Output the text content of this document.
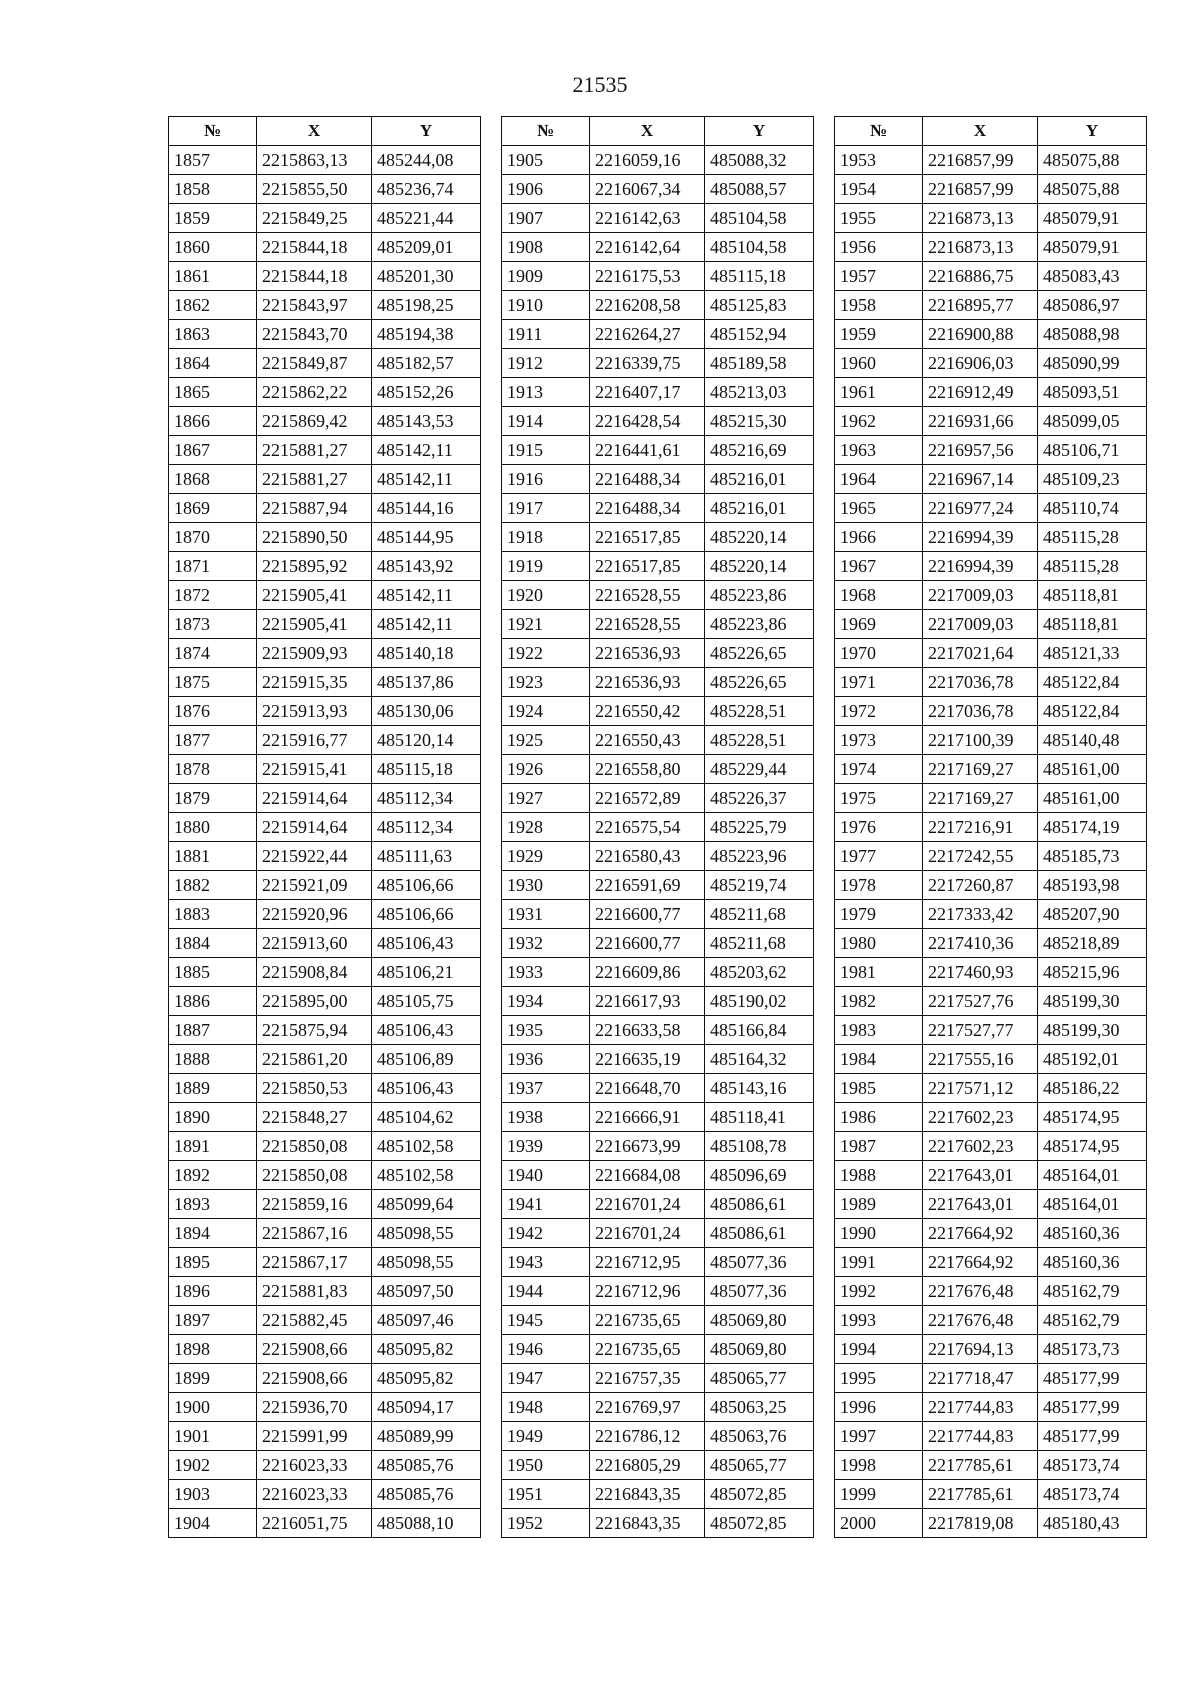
21535
№	X	Y
1857	2215863,13	485244,08
1858	2215855,50	485236,74
1859	2215849,25	485221,44
1860	2215844,18	485209,01
1861	2215844,18	485201,30
1862	2215843,97	485198,25
1863	2215843,70	485194,38
1864	2215849,87	485182,57
1865	2215862,22	485152,26
1866	2215869,42	485143,53
1867	2215881,27	485142,11
1868	2215881,27	485142,11
1869	2215887,94	485144,16
1870	2215890,50	485144,95
1871	2215895,92	485143,92
1872	2215905,41	485142,11
1873	2215905,41	485142,11
1874	2215909,93	485140,18
1875	2215915,35	485137,86
1876	2215913,93	485130,06
1877	2215916,77	485120,14
1878	2215915,41	485115,18
1879	2215914,64	485112,34
1880	2215914,64	485112,34
1881	2215922,44	485111,63
1882	2215921,09	485106,66
1883	2215920,96	485106,66
1884	2215913,60	485106,43
1885	2215908,84	485106,21
1886	2215895,00	485105,75
1887	2215875,94	485106,43
1888	2215861,20	485106,89
1889	2215850,53	485106,43
1890	2215848,27	485104,62
1891	2215850,08	485102,58
1892	2215850,08	485102,58
1893	2215859,16	485099,64
1894	2215867,16	485098,55
1895	2215867,17	485098,55
1896	2215881,83	485097,50
1897	2215882,45	485097,46
1898	2215908,66	485095,82
1899	2215908,66	485095,82
1900	2215936,70	485094,17
1901	2215991,99	485089,99
1902	2216023,33	485085,76
1903	2216023,33	485085,76
1904	2216051,75	485088,10
№	X	Y
1905	2216059,16	485088,32
1906	2216067,34	485088,57
1907	2216142,63	485104,58
1908	2216142,64	485104,58
1909	2216175,53	485115,18
1910	2216208,58	485125,83
1911	2216264,27	485152,94
1912	2216339,75	485189,58
1913	2216407,17	485213,03
1914	2216428,54	485215,30
1915	2216441,61	485216,69
1916	2216488,34	485216,01
1917	2216488,34	485216,01
1918	2216517,85	485220,14
1919	2216517,85	485220,14
1920	2216528,55	485223,86
1921	2216528,55	485223,86
1922	2216536,93	485226,65
1923	2216536,93	485226,65
1924	2216550,42	485228,51
1925	2216550,43	485228,51
1926	2216558,80	485229,44
1927	2216572,89	485226,37
1928	2216575,54	485225,79
1929	2216580,43	485223,96
1930	2216591,69	485219,74
1931	2216600,77	485211,68
1932	2216600,77	485211,68
1933	2216609,86	485203,62
1934	2216617,93	485190,02
1935	2216633,58	485166,84
1936	2216635,19	485164,32
1937	2216648,70	485143,16
1938	2216666,91	485118,41
1939	2216673,99	485108,78
1940	2216684,08	485096,69
1941	2216701,24	485086,61
1942	2216701,24	485086,61
1943	2216712,95	485077,36
1944	2216712,96	485077,36
1945	2216735,65	485069,80
1946	2216735,65	485069,80
1947	2216757,35	485065,77
1948	2216769,97	485063,25
1949	2216786,12	485063,76
1950	2216805,29	485065,77
1951	2216843,35	485072,85
1952	2216843,35	485072,85
№	X	Y
1953	2216857,99	485075,88
1954	2216857,99	485075,88
1955	2216873,13	485079,91
1956	2216873,13	485079,91
1957	2216886,75	485083,43
1958	2216895,77	485086,97
1959	2216900,88	485088,98
1960	2216906,03	485090,99
1961	2216912,49	485093,51
1962	2216931,66	485099,05
1963	2216957,56	485106,71
1964	2216967,14	485109,23
1965	2216977,24	485110,74
1966	2216994,39	485115,28
1967	2216994,39	485115,28
1968	2217009,03	485118,81
1969	2217009,03	485118,81
1970	2217021,64	485121,33
1971	2217036,78	485122,84
1972	2217036,78	485122,84
1973	2217100,39	485140,48
1974	2217169,27	485161,00
1975	2217169,27	485161,00
1976	2217216,91	485174,19
1977	2217242,55	485185,73
1978	2217260,87	485193,98
1979	2217333,42	485207,90
1980	2217410,36	485218,89
1981	2217460,93	485215,96
1982	2217527,76	485199,30
1983	2217527,77	485199,30
1984	2217555,16	485192,01
1985	2217571,12	485186,22
1986	2217602,23	485174,95
1987	2217602,23	485174,95
1988	2217643,01	485164,01
1989	2217643,01	485164,01
1990	2217664,92	485160,36
1991	2217664,92	485160,36
1992	2217676,48	485162,79
1993	2217676,48	485162,79
1994	2217694,13	485173,73
1995	2217718,47	485177,99
1996	2217744,83	485177,99
1997	2217744,83	485177,99
1998	2217785,61	485173,74
1999	2217785,61	485173,74
2000	2217819,08	485180,43
